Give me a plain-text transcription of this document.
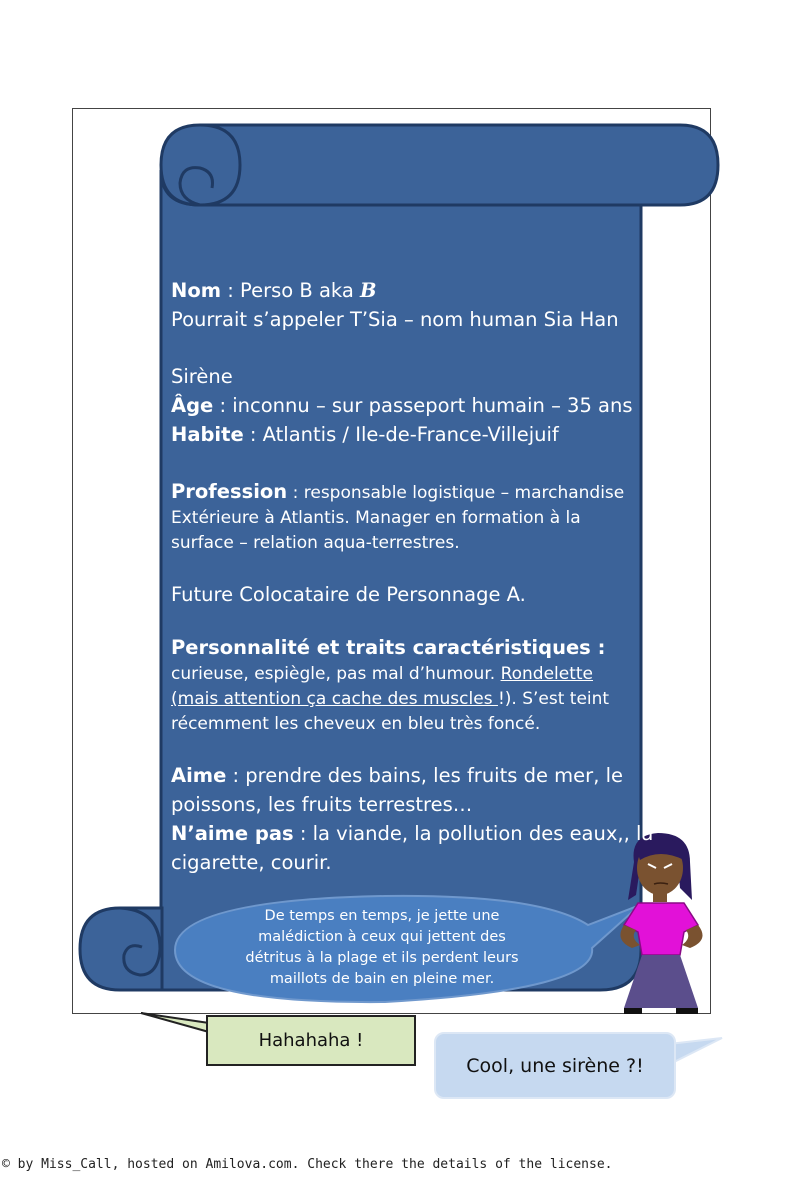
Nom : Perso B aka B
Pourrait s’appeler T’Sia – nom human Sia Han
Sirène
Âge : inconnu – sur passeport humain – 35 ans
Habite : Atlantis / Ile-de-France-Villejuif
Profession : responsable logistique – marchandise
Extérieure à Atlantis. Manager en formation à la
surface – relation aqua-terrestres.
Future Colocataire de Personnage A.
Personnalité et traits caractéristiques :
curieuse, espiègle, pas mal d’humour. Rondelette
(mais attention ça cache des muscles !). S’est teint
récemment les cheveux en bleu très foncé.
Aime : prendre des bains, les fruits de mer, le
poissons, les fruits terrestres…
N’aime pas : la viande, la pollution des eaux,, la
cigarette, courir.
De temps en temps, je jette une
malédiction à ceux qui jettent des
détritus à la plage et ils perdent leurs
maillots de bain en pleine mer.
Hahahaha !
Cool, une sirène ?!
© by Miss_Call, hosted on Amilova.com. Check there the details of the license.
